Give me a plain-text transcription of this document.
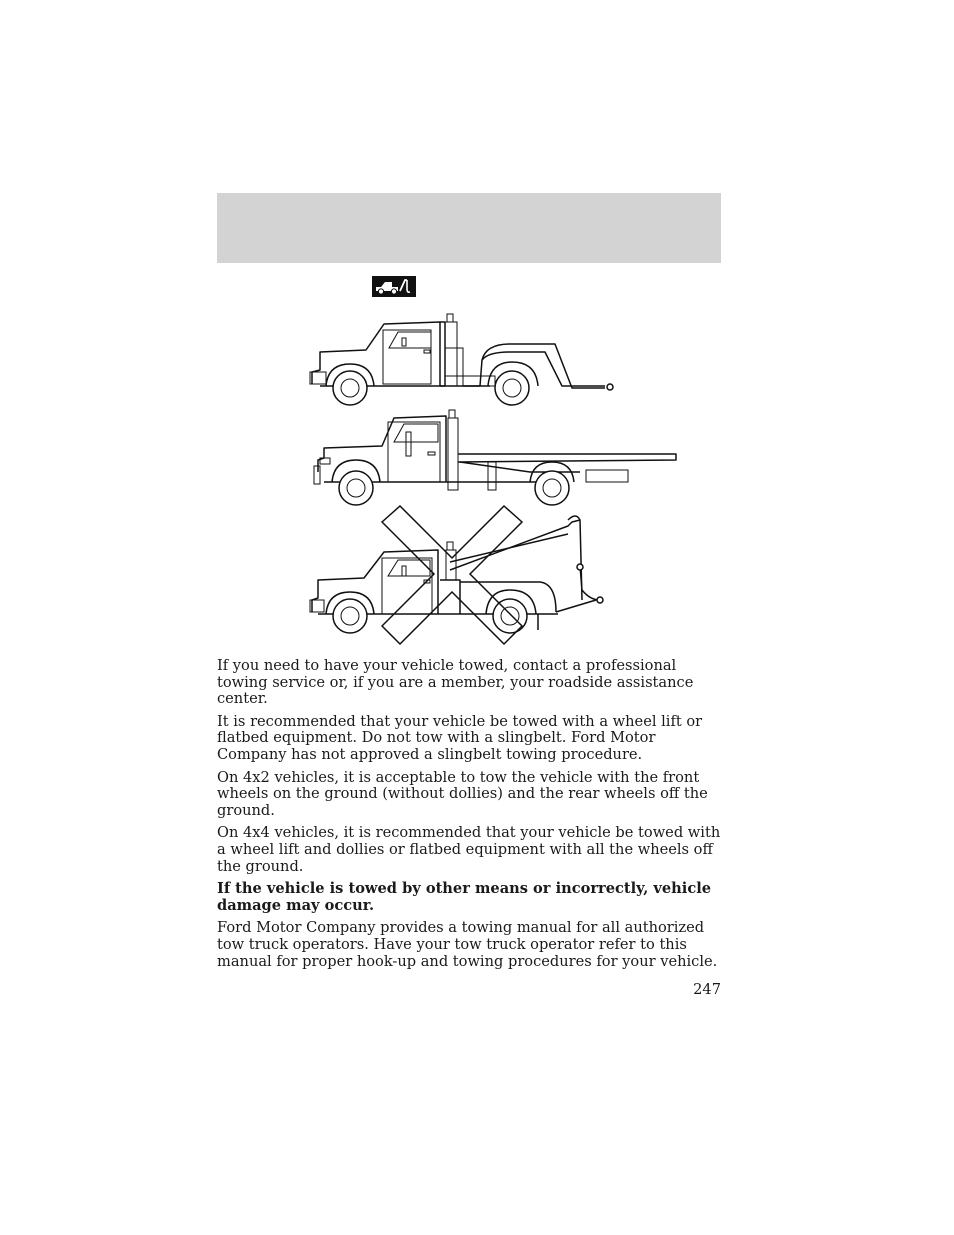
If you need to have your vehicle towed, contact a professional towing service or, if you are a member, your roadside assistance center.

It is recommended that your vehicle be towed with a wheel lift or flatbed equipment. Do not tow with a slingbelt. Ford Motor Company has not approved a slingbelt towing procedure.

On 4x2 vehicles, it is acceptable to tow the vehicle with the front wheels on the ground (without dollies) and the rear wheels off the ground.

On 4x4 vehicles, it is recommended that your vehicle be towed with a wheel lift and dollies or flatbed equipment with all the wheels off the ground.

If the vehicle is towed by other means or incorrectly, vehicle damage may occur.

Ford Motor Company provides a towing manual for all authorized tow truck operators. Have your tow truck operator refer to this manual for proper hook-up and towing procedures for your vehicle.

247
